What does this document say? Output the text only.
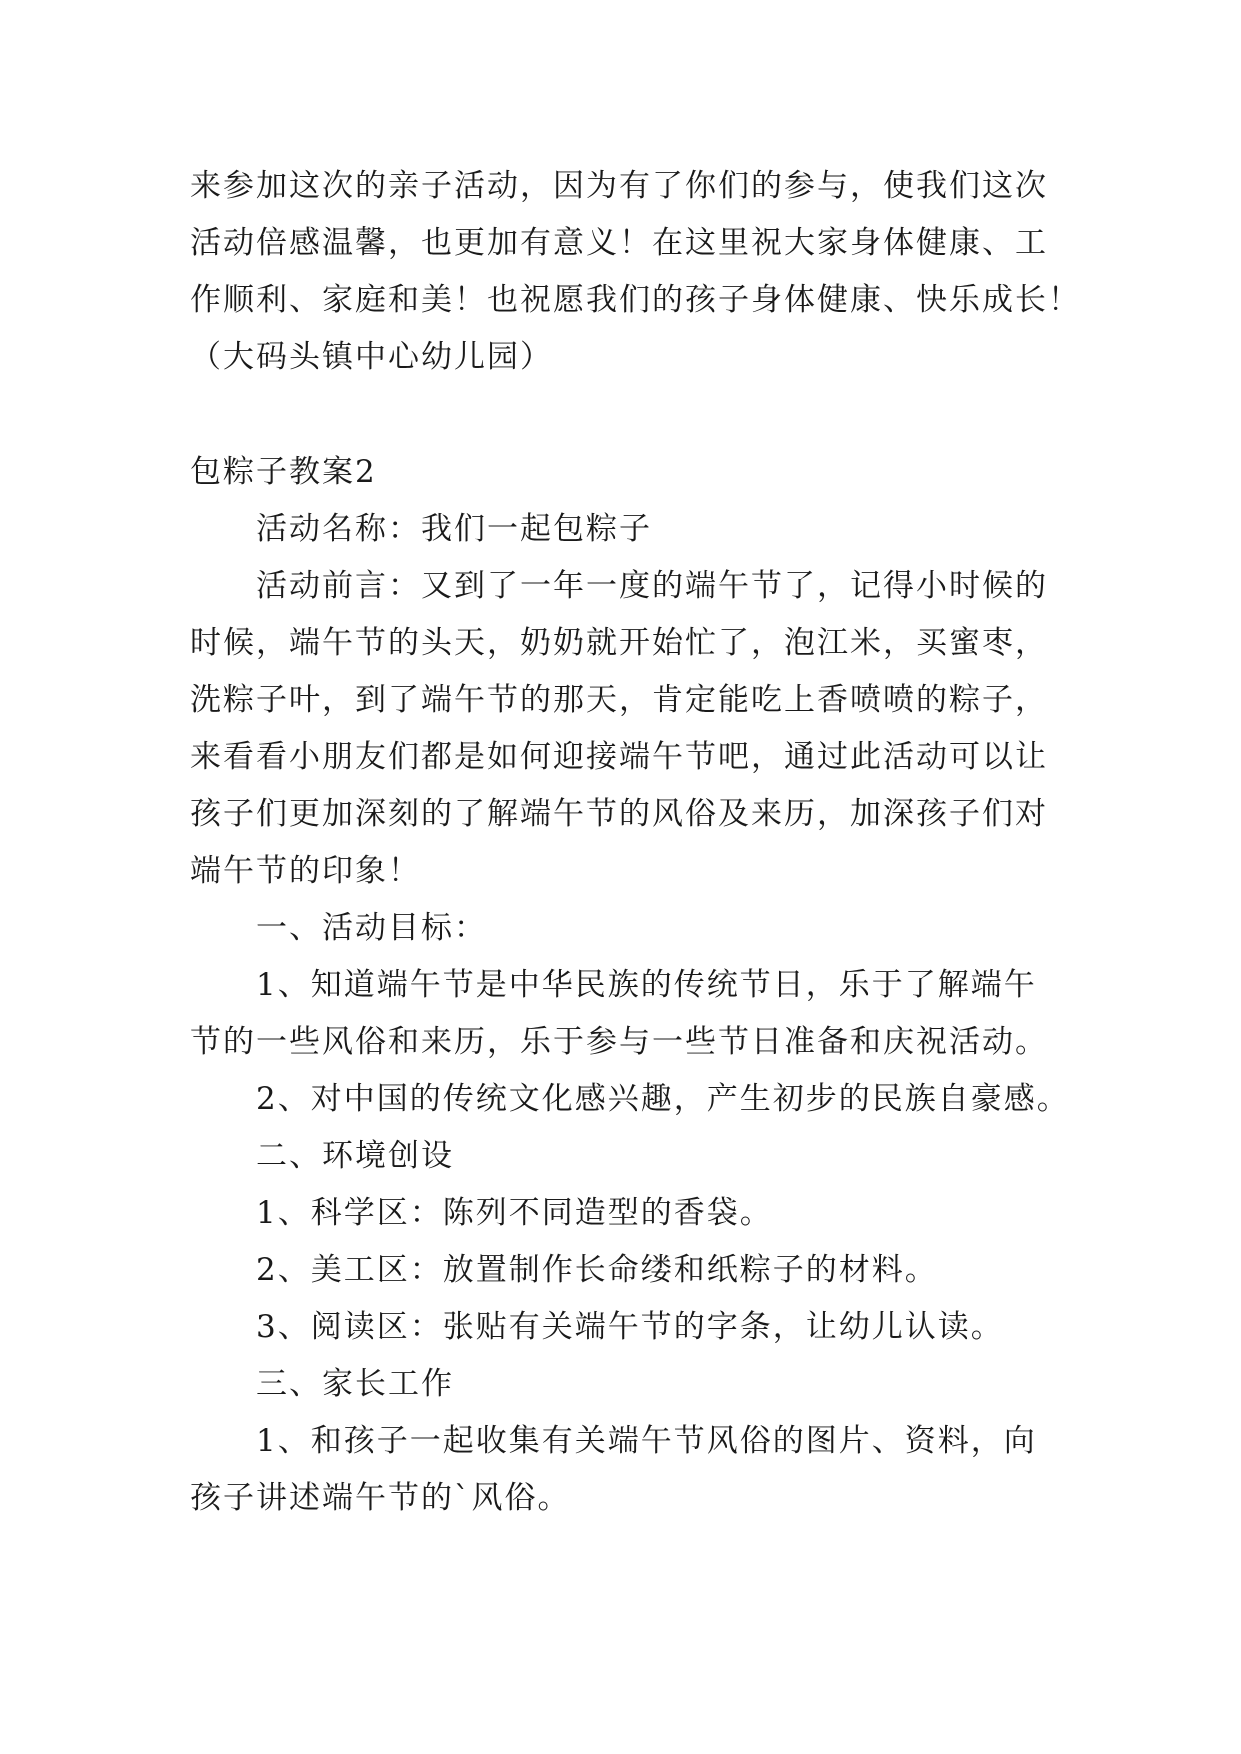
来参加这次的亲子活动，因为有了你们的参与，使我们这次
活动倍感温馨，也更加有意义！在这里祝大家身体健康、工
作顺利、家庭和美！也祝愿我们的孩子身体健康、快乐成长！
（大码头镇中心幼儿园）
包粽子教案2
活动名称：我们一起包粽子
活动前言：又到了一年一度的端午节了，记得小时候的
时候，端午节的头天，奶奶就开始忙了，泡江米，买蜜枣，
洗粽子叶，到了端午节的那天，肯定能吃上香喷喷的粽子，
来看看小朋友们都是如何迎接端午节吧，通过此活动可以让
孩子们更加深刻的了解端午节的风俗及来历，加深孩子们对
端午节的印象！
一、活动目标：
1、知道端午节是中华民族的传统节日，乐于了解端午
节的一些风俗和来历，乐于参与一些节日准备和庆祝活动。
2、对中国的传统文化感兴趣，产生初步的民族自豪感。
二、环境创设
1、科学区：陈列不同造型的香袋。
2、美工区：放置制作长命缕和纸粽子的材料。
3、阅读区：张贴有关端午节的字条，让幼儿认读。
三、家长工作
1、和孩子一起收集有关端午节风俗的图片、资料，向
孩子讲述端午节的`风俗。
